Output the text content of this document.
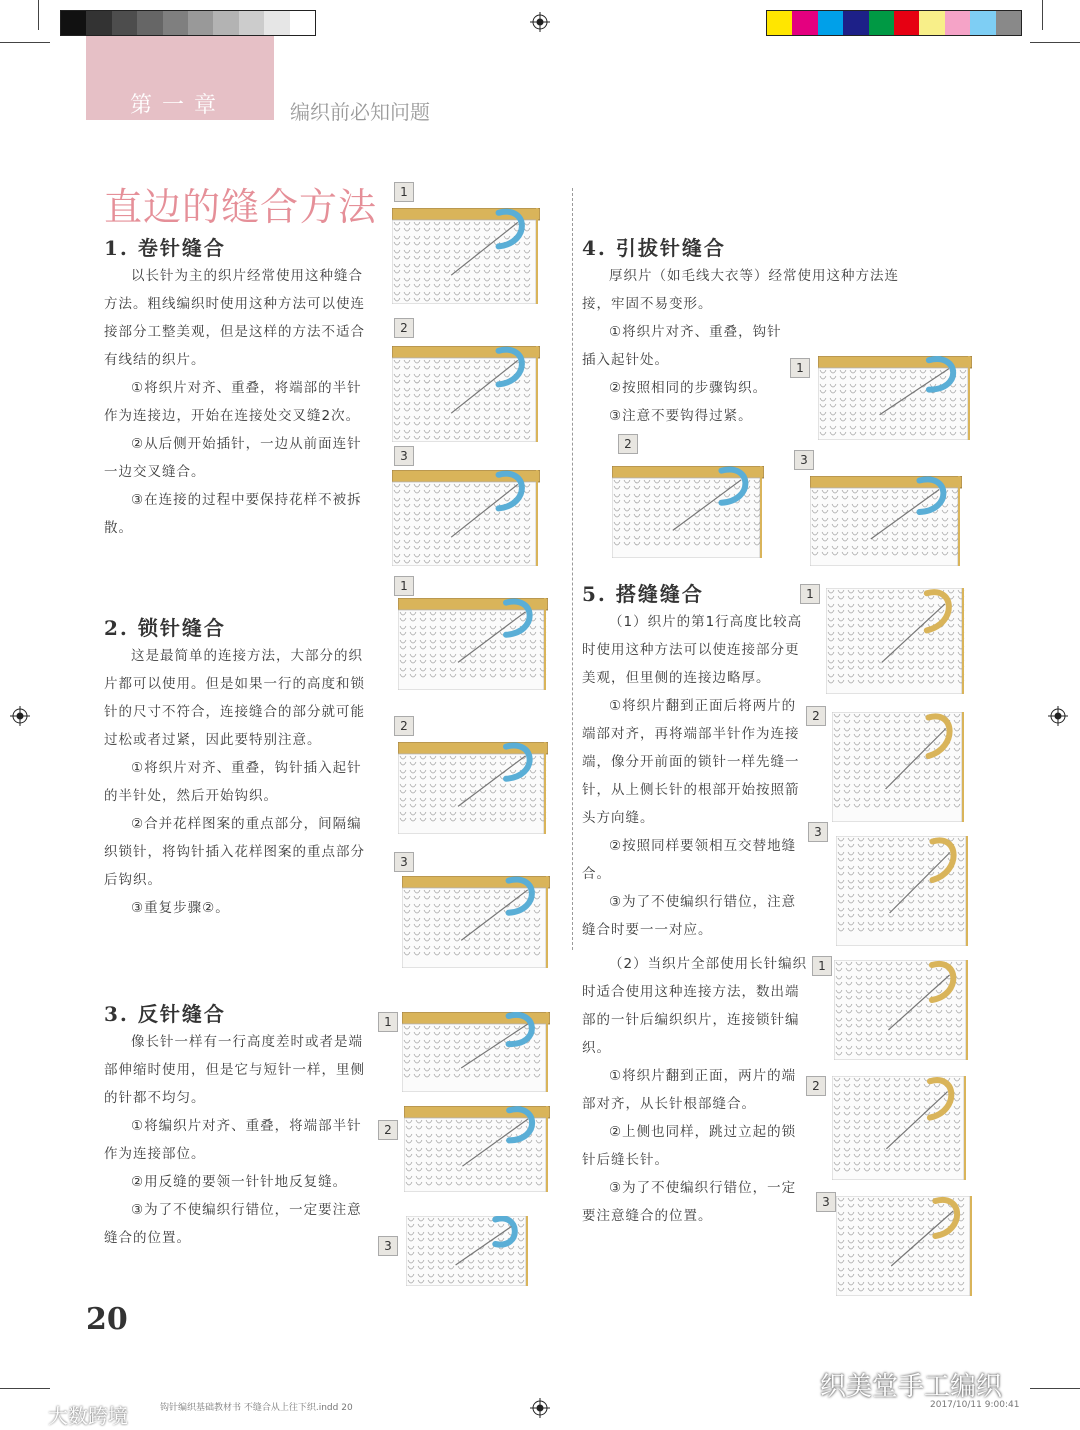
第一章	编织前必知问题
直边的缝合方法
1. 卷针缝合

以长针为主的织片经常使用这种缝合方法。粗线编织时使用这种方法可以使连接部分工整美观，但是这样的方法不适合有线结的织片。

①将织片对齐、重叠，将端部的半针作为连接边，开始在连接处交叉缝2次。

②从后侧开始插针，一边从前面连针一边交叉缝合。

③在连接的过程中要保持花样不被拆散。

2. 锁针缝合

这是最简单的连接方法，大部分的织片都可以使用。但是如果一行的高度和锁针的尺寸不符合，连接缝合的部分就可能过松或者过紧，因此要特别注意。

①将织片对齐、重叠，钩针插入起针的半针处，然后开始钩织。

②合并花样图案的重点部分，间隔编织锁针，将钩针插入花样图案的重点部分后钩织。

③重复步骤②。

3. 反针缝合

像长针一样有一行高度差时或者是端部伸缩时使用，但是它与短针一样，里侧的针都不均匀。

①将编织片对齐、重叠，将端部半针作为连接部位。

②用反缝的要领一针针地反复缝。

③为了不使编织行错位，一定要注意缝合的位置。

4. 引拔针缝合

厚织片（如毛线大衣等）经常使用这种方法连接，牢固不易变形。

①将织片对齐、重叠，钩针插入起针处。

②按照相同的步骤钩织。

③注意不要钩得过紧。

5. 搭缝缝合

（1）织片的第1行高度比较高时使用这种方法可以使连接部分更美观，但里侧的连接边略厚。

①将织片翻到正面后将两片的端部对齐，再将端部半针作为连接端，像分开前面的锁针一样先缝一针，从上侧长针的根部开始按照箭头方向缝。

②按照同样要领相互交替地缝合。

③为了不使编织行错位，注意缝合时要一一对应。

（2）当织片全部使用长针编织时适合使用这种连接方法，数出端部的一针后编织织片，连接锁针编织。

①将织片翻到正面，两片的端部对齐，从长针根部缝合。

②上侧也同样，跳过立起的锁针后缝长针。

③为了不使编织行错位，一定要注意缝合的位置。

1
2
3
1
2
3
1
2
3
1
2
3
1
2
3
1
2
3
20
钩针编织基础教材书 不缝合从上往下织.indd 20	2017/10/11 9:00:41
织美堂手工编织
大数跨境
